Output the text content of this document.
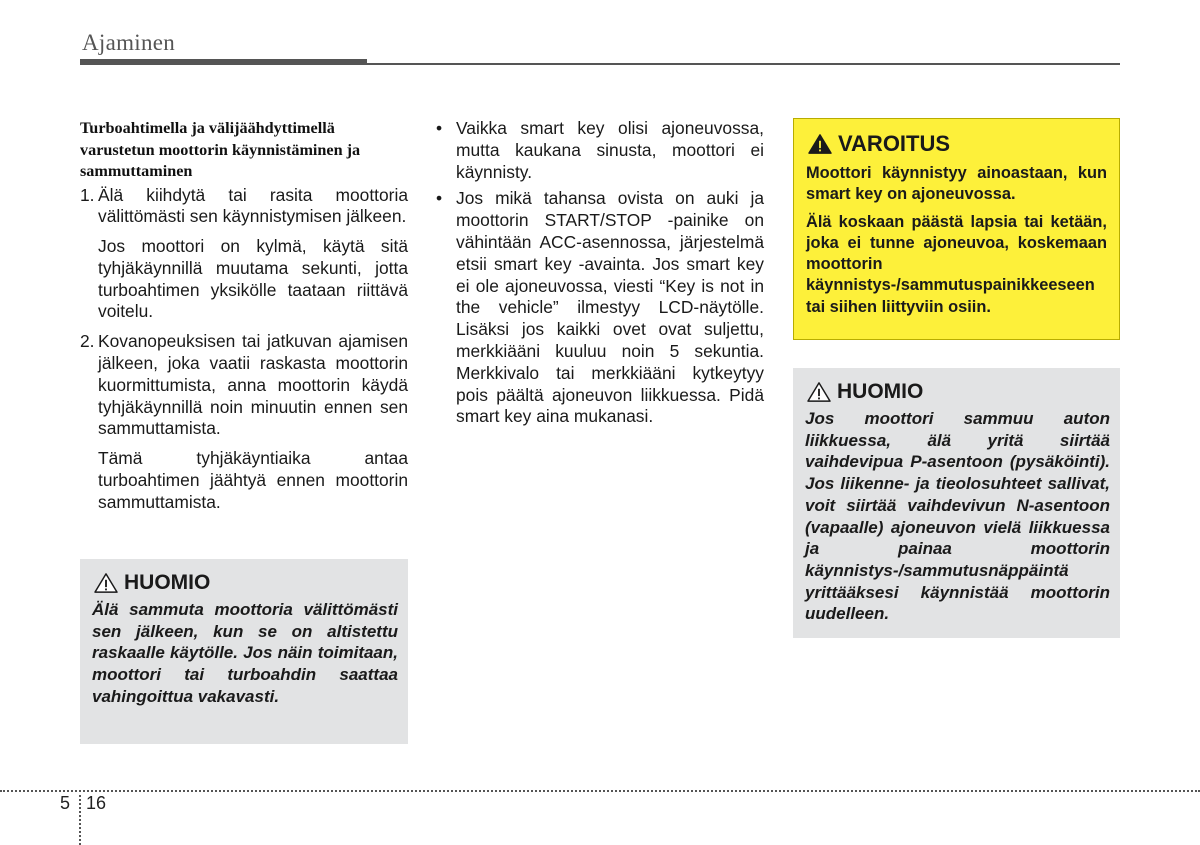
Ajaminen
Turboahtimella ja välijäähdyttimellä varustetun moottorin käynnistäminen ja sammuttaminen
1. Älä kiihdytä tai rasita moottoria välittömästi sen käynnistymisen jälkeen.
Jos moottori on kylmä, käytä sitä tyhjäkäynnillä muutama sekunti, jotta turboahtimen yksikölle taataan riittävä voitelu.
2. Kovanopeuksisen tai jatkuvan ajamisen jälkeen, joka vaatii raskasta moottorin kuormittumista, anna moottorin käydä tyhjäkäynnillä noin minuutin ennen sen sammuttamista.
Tämä tyhjäkäyntiaika antaa turboahtimen jäähtyä ennen moottorin sammuttamista.
HUOMIO
Älä sammuta moottoria välittömästi sen jälkeen, kun se on altistettu raskaalle käytölle. Jos näin toimitaan, moottori tai turboahdin saattaa vahingoittua vakavasti.
• Vaikka smart key olisi ajoneuvossa, mutta kaukana sinusta, moottori ei käynnisty.
• Jos mikä tahansa ovista on auki ja moottorin START/STOP -painike on vähintään ACC-asennossa, järjestelmä etsii smart key -avainta. Jos smart key ei ole ajoneuvossa, viesti “Key is not in the vehicle” ilmestyy LCD-näytölle. Lisäksi jos kaikki ovet ovat suljettu, merkkiääni kuuluu noin 5 sekuntia. Merkkivalo tai merkkiääni kytkeytyy pois päältä ajoneuvon liikkuessa. Pidä smart key aina mukanasi.
VAROITUS

Moottori käynnistyy ainoastaan, kun smart key on ajoneuvossa.

Älä koskaan päästä lapsia tai ketään, joka ei tunne ajoneuvoa, koskemaan moottorin käynnistys-/sammutuspainikkeeseen tai siihen liittyviin osiin.

HUOMIO
Jos moottori sammuu auton liikkuessa, älä yritä siirtää vaihdevipua P-asentoon (pysäköinti). Jos liikenne- ja tieolosuhteet sallivat, voit siirtää vaihdevivun N-asentoon (vapaalle) ajoneuvon vielä liikkuessa ja painaa moottorin käynnistys-/sammutusnäppäintä yrittääksesi käynnistää moottorin uudelleen.
5 16
